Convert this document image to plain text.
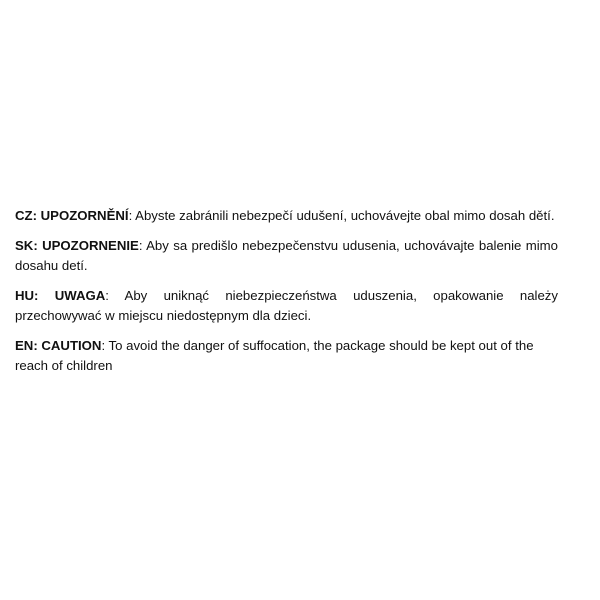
CZ: UPOZORNĚNÍ: Abyste zabránili nebezpečí udušení, uchovávejte obal mimo dosah dětí.

SK: UPOZORNENIE: Aby sa predišlo nebezpečenstvu udusenia, uchovávajte balenie mimo dosahu detí.

HU: UWAGA: Aby uniknąć niebezpieczeństwa uduszenia, opakowanie należy przechowywać w miejscu niedostępnym dla dzieci.

EN: CAUTION: To avoid the danger of suffocation, the package should be kept out of the reach of children
